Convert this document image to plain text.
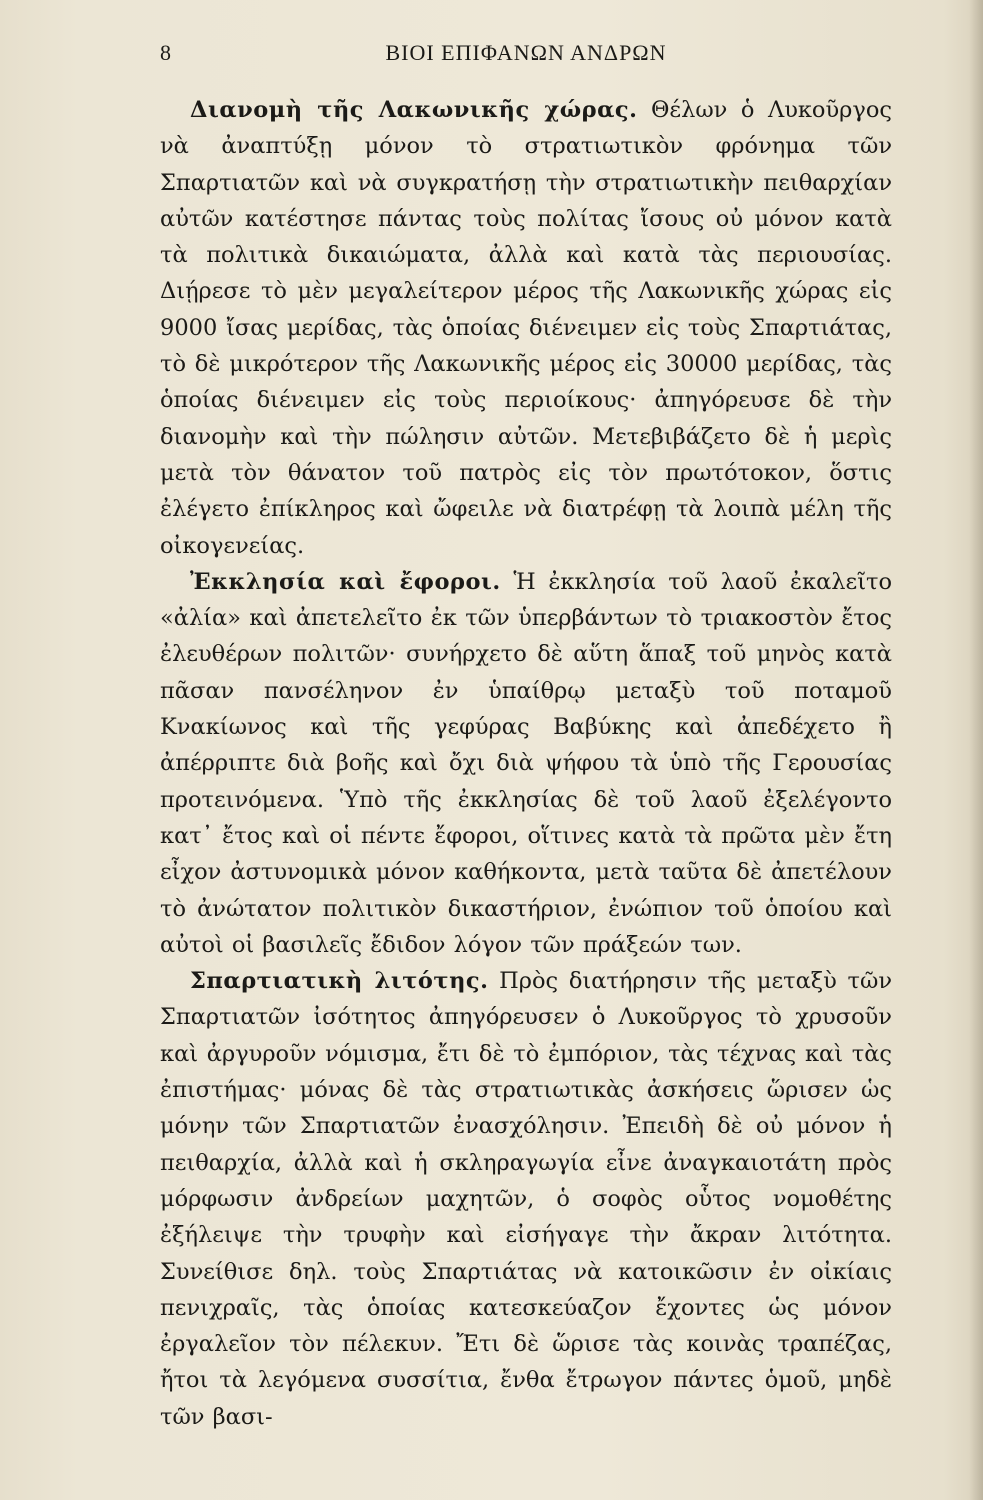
8	ΒΙΟΙ ΕΠΙΦΑΝΩΝ ΑΝΔΡΩΝ

Διανομὴ τῆς Λακωνικῆς χώρας. Θέλων ὁ Λυκοῦργος νὰ ἀναπτύξῃ μόνον τὸ στρατιωτικὸν φρόνημα τῶν Σπαρτιατῶν καὶ νὰ συγκρατήσῃ τὴν στρατιωτικὴν πειθαρχίαν αὐτῶν κατέστησε πάντας τοὺς πολίτας ἴσους οὐ μόνον κατὰ τὰ πολιτικὰ δικαιώματα, ἀλλὰ καὶ κατὰ τὰς περιουσίας. Διῄρεσε τὸ μὲν μεγαλείτερον μέρος τῆς Λακωνικῆς χώρας εἰς 9000 ἴσας μερίδας, τὰς ὁποίας διένειμεν εἰς τοὺς Σπαρτιάτας, τὸ δὲ μικρότερον τῆς Λακωνικῆς μέρος εἰς 30000 μερίδας, τὰς ὁποίας διένειμεν εἰς τοὺς περιοίκους· ἀπηγόρευσε δὲ τὴν διανομὴν καὶ τὴν πώλησιν αὐτῶν. Μετεβιβάζετο δὲ ἡ μερὶς μετὰ τὸν θάνατον τοῦ πατρὸς εἰς τὸν πρωτότοκον, ὅστις ἐλέγετο ἐπίκληρος καὶ ὤφειλε νὰ διατρέφῃ τὰ λοιπὰ μέλη τῆς οἰκογενείας.

Ἐκκλησία καὶ ἔφοροι. Ἡ ἐκκλησία τοῦ λαοῦ ἐκαλεῖτο «ἀλία» καὶ ἀπετελεῖτο ἐκ τῶν ὑπερβάντων τὸ τριακοστὸν ἔτος ἐλευθέρων πολιτῶν· συνήρχετο δὲ αὕτη ἅπαξ τοῦ μηνὸς κατὰ πᾶσαν πανσέληνον ἐν ὑπαίθρῳ μεταξὺ τοῦ ποταμοῦ Κνακίωνος καὶ τῆς γεφύρας Βαβύκης καὶ ἀπεδέχετο ἢ ἀπέρριπτε διὰ βοῆς καὶ ὄχι διὰ ψήφου τὰ ὑπὸ τῆς Γερουσίας προτεινόμενα. Ὑπὸ τῆς ἐκκλησίας δὲ τοῦ λαοῦ ἐξελέγοντο κατ᾿ ἔτος καὶ οἱ πέντε ἔφοροι, οἵτινες κατὰ τὰ πρῶτα μὲν ἔτη εἶχον ἀστυνομικὰ μόνον καθήκοντα, μετὰ ταῦτα δὲ ἀπετέλουν τὸ ἀνώτατον πολιτικὸν δικαστήριον, ἐνώπιον τοῦ ὁποίου καὶ αὐτοὶ οἱ βασιλεῖς ἔδιδον λόγον τῶν πράξεών των.

Σπαρτιατικὴ λιτότης. Πρὸς διατήρησιν τῆς μεταξὺ τῶν Σπαρτιατῶν ἰσότητος ἀπηγόρευσεν ὁ Λυκοῦργος τὸ χρυσοῦν καὶ ἀργυροῦν νόμισμα, ἔτι δὲ τὸ ἐμπόριον, τὰς τέχνας καὶ τὰς ἐπιστήμας· μόνας δὲ τὰς στρατιωτικὰς ἀσκήσεις ὥρισεν ὡς μόνην τῶν Σπαρτιατῶν ἐνασχόλησιν. Ἐπειδὴ δὲ οὐ μόνον ἡ πειθαρχία, ἀλλὰ καὶ ἡ σκληραγωγία εἶνε ἀναγκαιοτάτη πρὸς μόρφωσιν ἀνδρείων μαχητῶν, ὁ σοφὸς οὗτος νομοθέτης ἐξήλειψε τὴν τρυφὴν καὶ εἰσήγαγε τὴν ἄκραν λιτότητα. Συνείθισε δηλ. τοὺς Σπαρτιάτας νὰ κατοικῶσιν ἐν οἰκίαις πενιχραῖς, τὰς ὁποίας κατεσκεύαζον ἔχοντες ὡς μόνον ἐργαλεῖον τὸν πέλεκυν. Ἔτι δὲ ὥρισε τὰς κοινὰς τραπέζας, ἤτοι τὰ λεγόμενα συσσίτια, ἔνθα ἔτρωγον πάντες ὁμοῦ, μηδὲ τῶν βασι-
